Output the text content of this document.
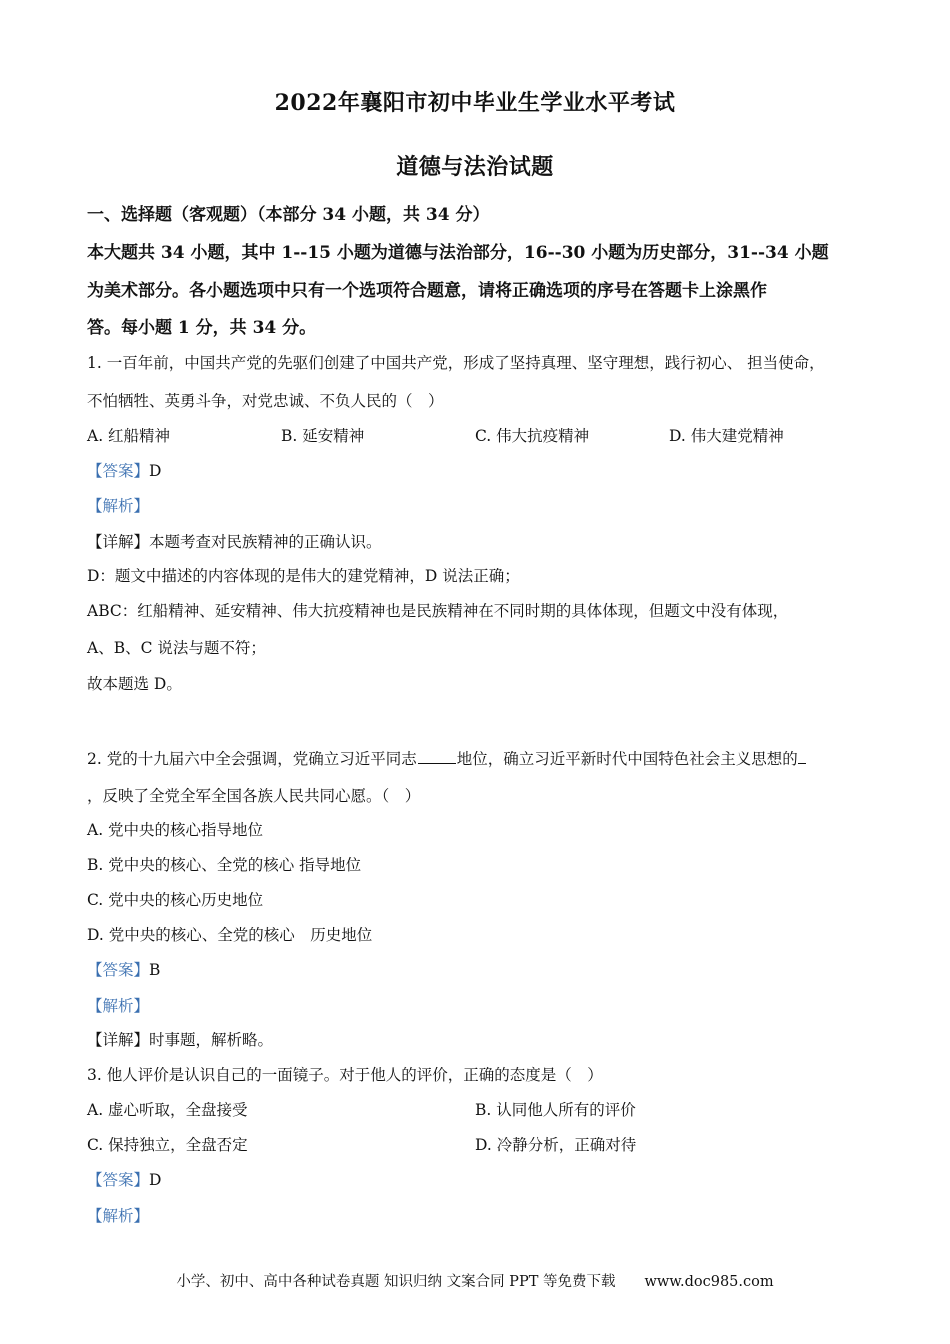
2022年襄阳市初中毕业生学业水平考试
道德与法治试题
一、选择题（客观题）（本部分 34 小题，共 34 分）
本大题共 34 小题，其中 1--15 小题为道德与法治部分，16--30 小题为历史部分，31--34 小题
为美术部分。各小题选项中只有一个选项符合题意，请将正确选项的序号在答题卡上涂黑作
答。每小题 1 分，共 34 分。
1. 一百年前，中国共产党的先驱们创建了中国共产党，形成了坚持真理、坚守理想，践行初心、 担当使命，
不怕牺牲、英勇斗争，对党忠诚、不负人民的（　）
A. 红船精神	B. 延安精神	C. 伟大抗疫精神	D. 伟大建党精神
【答案】D
【解析】
【详解】本题考查对民族精神的正确认识。
D：题文中描述的内容体现的是伟大的建党精神，D 说法正确；
ABC：红船精神、延安精神、伟大抗疫精神也是民族精神在不同时期的具体体现，但题文中没有体现，
A、B、C 说法与题不符；
故本题选 D。
2. 党的十九届六中全会强调，党确立习近平同志	地位，确立习近平新时代中国特色社会主义思想的
，反映了全党全军全国各族人民共同心愿。（　）
A. 党中央的核心指导地位
B. 党中央的核心、全党的核心 指导地位
C. 党中央的核心历史地位
D. 党中央的核心、全党的核心　历史地位
【答案】B
【解析】
【详解】时事题，解析略。
3. 他人评价是认识自己的一面镜子。对于他人的评价，正确的态度是（　）
A. 虚心听取，全盘接受	B. 认同他人所有的评价
C. 保持独立，全盘否定	D. 冷静分析，正确对待
【答案】D
【解析】
小学、初中、高中各种试卷真题 知识归纳 文案合同 PPT 等免费下载　　www.doc985.com
